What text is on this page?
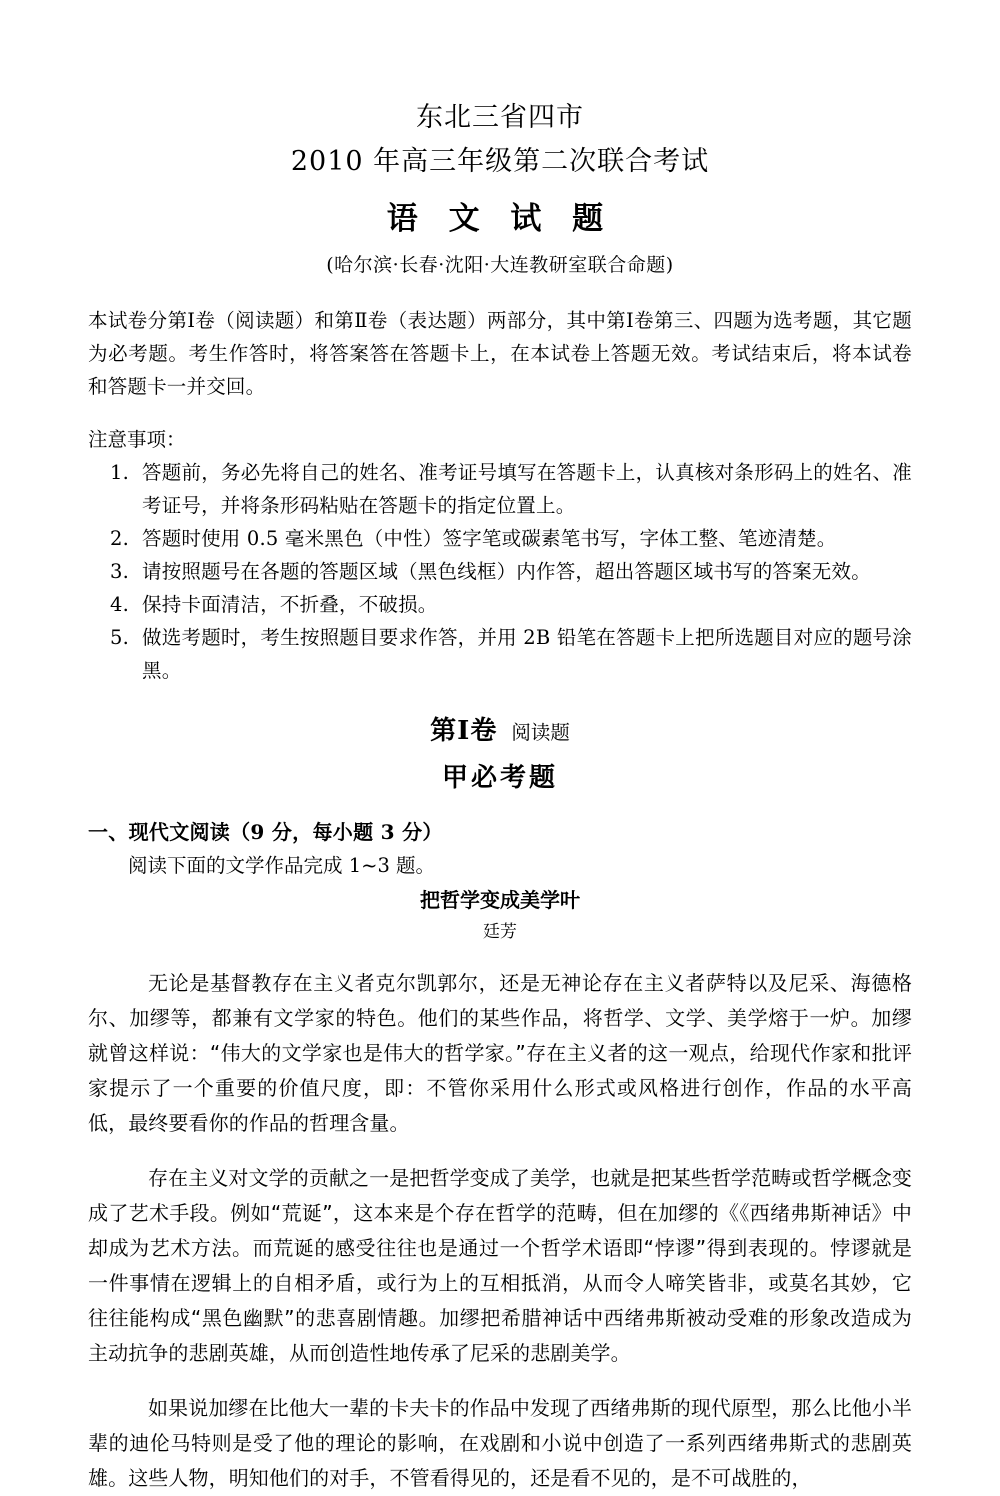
东北三省四市
2010 年高三年级第二次联合考试
语 文 试 题
(哈尔滨·长春·沈阳·大连教研室联合命题)

本试卷分第Ⅰ卷（阅读题）和第Ⅱ卷（表达题）两部分，其中第Ⅰ卷第三、四题为选考题，其它题为必考题。考生作答时，将答案答在答题卡上，在本试卷上答题无效。考试结束后，将本试卷和答题卡一并交回。

注意事项：
1. 答题前，务必先将自己的姓名、准考证号填写在答题卡上，认真核对条形码上的姓名、准考证号，并将条形码粘贴在答题卡的指定位置上。
2. 答题时使用 0.5 毫米黑色（中性）签字笔或碳素笔书写，字体工整、笔迹清楚。
3. 请按照题号在各题的答题区域（黑色线框）内作答，超出答题区域书写的答案无效。
4. 保持卡面清洁，不折叠，不破损。
5. 做选考题时，考生按照题目要求作答，并用 2B 铅笔在答题卡上把所选题目对应的题号涂黑。
第Ⅰ卷 阅读题
甲必考题
一、现代文阅读（9 分，每小题 3 分）
阅读下面的文学作品完成 1~3 题。
把哲学变成美学叶
廷芳

无论是基督教存在主义者克尔凯郭尔，还是无神论存在主义者萨特以及尼采、海德格尔、加缪等，都兼有文学家的特色。他们的某些作品，将哲学、文学、美学熔于一炉。加缪就曾这样说：“伟大的文学家也是伟大的哲学家。”存在主义者的这一观点，给现代作家和批评家提示了一个重要的价值尺度，即：不管你采用什么形式或风格进行创作，作品的水平高低，最终要看你的作品的哲理含量。

存在主义对文学的贡献之一是把哲学变成了美学，也就是把某些哲学范畴或哲学概念变成了艺术手段。例如“荒诞”，这本来是个存在哲学的范畴，但在加缪的《《西绪弗斯神话》中却成为艺术方法。而荒诞的感受往往也是通过一个哲学术语即“悖谬”得到表现的。悖谬就是一件事情在逻辑上的自相矛盾，或行为上的互相抵消，从而令人啼笑皆非，或莫名其妙，它往往能构成“黑色幽默”的悲喜剧情趣。加缪把希腊神话中西绪弗斯被动受难的形象改造成为主动抗争的悲剧英雄，从而创造性地传承了尼采的悲剧美学。

如果说加缪在比他大一辈的卡夫卡的作品中发现了西绪弗斯的现代原型，那么比他小半辈的迪伦马特则是受了他的理论的影响，在戏剧和小说中创造了一系列西绪弗斯式的悲剧英雄。这些人物，明知他们的对手，不管看得见的，还是看不见的，是不可战胜的，
